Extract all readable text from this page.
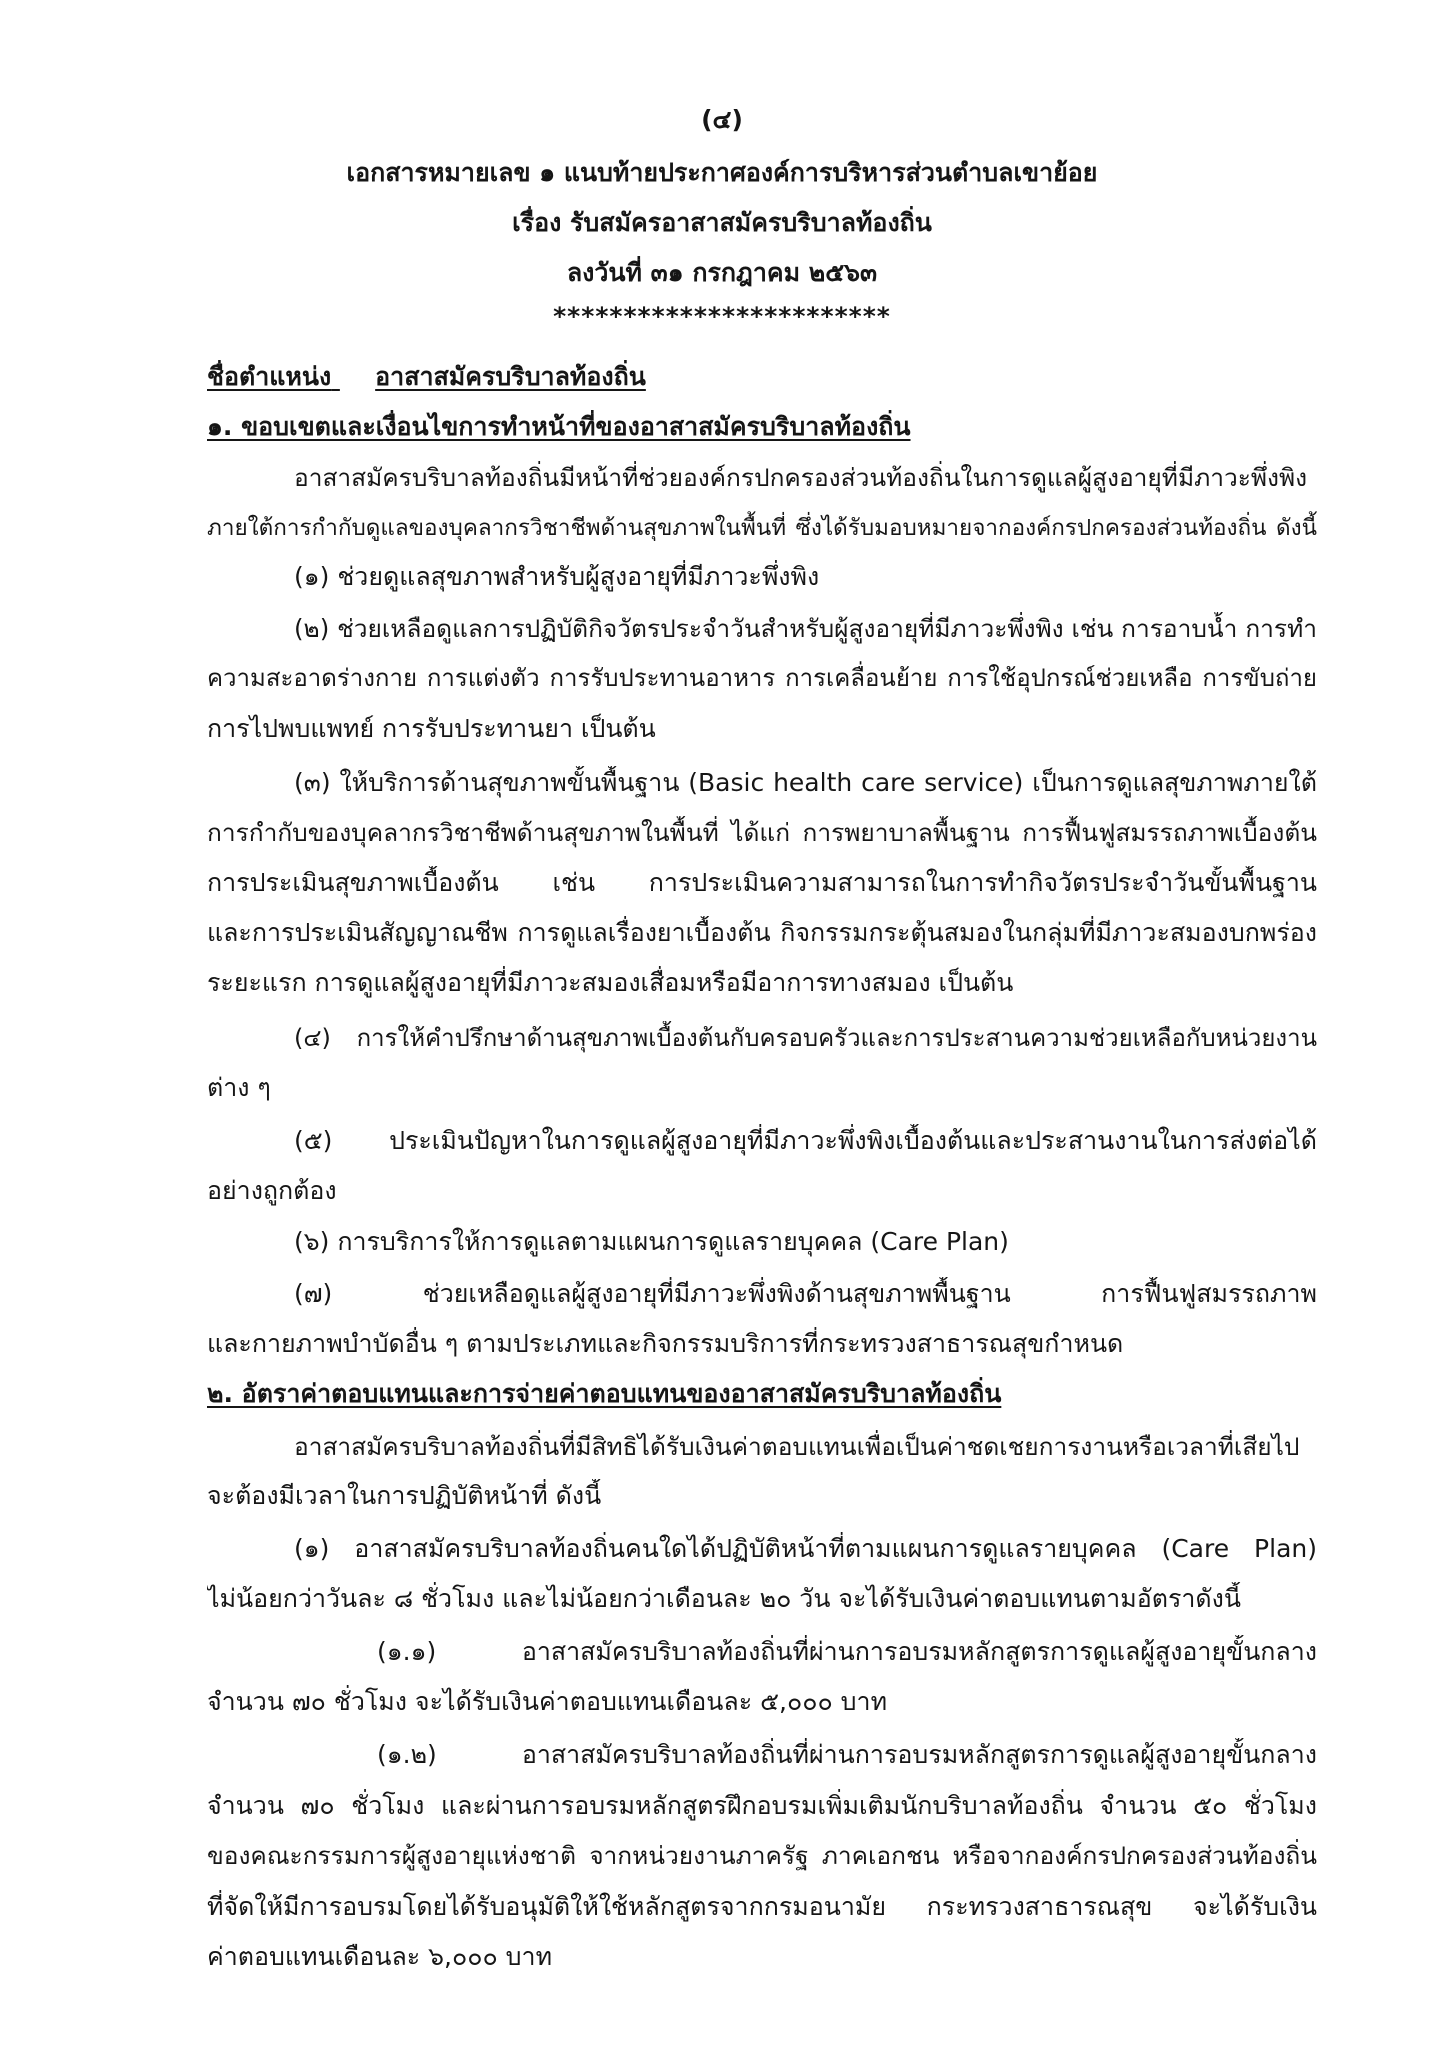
(๔)
เอกสารหมายเลข ๑ แนบท้ายประกาศองค์การบริหารส่วนตำบลเขาย้อย
เรื่อง รับสมัครอาสาสมัครบริบาลท้องถิ่น
ลงวันที่ ๓๑ กรกฎาคม ๒๕๖๓
************************
ชื่อตำแหน่ง อาสาสมัครบริบาลท้องถิ่น
๑. ขอบเขตและเงื่อนไขการทำหน้าที่ของอาสาสมัครบริบาลท้องถิ่น
อาสาสมัครบริบาลท้องถิ่นมีหน้าที่ช่วยองค์กรปกครองส่วนท้องถิ่นในการดูแลผู้สูงอายุที่มีภาวะพึ่งพิง
ภายใต้การกำกับดูแลของบุคลากรวิชาชีพด้านสุขภาพในพื้นที่ ซึ่งได้รับมอบหมายจากองค์กรปกครองส่วนท้องถิ่น ดังนี้
(๑) ช่วยดูแลสุขภาพสำหรับผู้สูงอายุที่มีภาวะพึ่งพิง
(๒) ช่วยเหลือดูแลการปฏิบัติกิจวัตรประจำวันสำหรับผู้สูงอายุที่มีภาวะพึ่งพิง เช่น การอาบน้ำ การทำ
ความสะอาดร่างกาย การแต่งตัว การรับประทานอาหาร การเคลื่อนย้าย การใช้อุปกรณ์ช่วยเหลือ การขับถ่าย
การไปพบแพทย์ การรับประทานยา เป็นต้น
(๓) ให้บริการด้านสุขภาพขั้นพื้นฐาน (Basic health care service) เป็นการดูแลสุขภาพภายใต้
การกำกับของบุคลากรวิชาชีพด้านสุขภาพในพื้นที่ ได้แก่ การพยาบาลพื้นฐาน การฟื้นฟูสมรรถภาพเบื้องต้น
การประเมินสุขภาพเบื้องต้น เช่น การประเมินความสามารถในการทำกิจวัตรประจำวันขั้นพื้นฐาน
และการประเมินสัญญาณชีพ การดูแลเรื่องยาเบื้องต้น กิจกรรมกระตุ้นสมองในกลุ่มที่มีภาวะสมองบกพร่อง
ระยะแรก การดูแลผู้สูงอายุที่มีภาวะสมองเสื่อมหรือมีอาการทางสมอง เป็นต้น
(๔) การให้คำปรึกษาด้านสุขภาพเบื้องต้นกับครอบครัวและการประสานความช่วยเหลือกับหน่วยงาน
ต่าง ๆ
(๕) ประเมินปัญหาในการดูแลผู้สูงอายุที่มีภาวะพึ่งพิงเบื้องต้นและประสานงานในการส่งต่อได้
อย่างถูกต้อง
(๖) การบริการให้การดูแลตามแผนการดูแลรายบุคคล (Care Plan)
(๗) ช่วยเหลือดูแลผู้สูงอายุที่มีภาวะพึ่งพิงด้านสุขภาพพื้นฐาน การฟื้นฟูสมรรถภาพ
และกายภาพบำบัดอื่น ๆ ตามประเภทและกิจกรรมบริการที่กระทรวงสาธารณสุขกำหนด
๒. อัตราค่าตอบแทนและการจ่ายค่าตอบแทนของอาสาสมัครบริบาลท้องถิ่น
อาสาสมัครบริบาลท้องถิ่นที่มีสิทธิได้รับเงินค่าตอบแทนเพื่อเป็นค่าชดเชยการงานหรือเวลาที่เสียไป
จะต้องมีเวลาในการปฏิบัติหน้าที่ ดังนี้
(๑) อาสาสมัครบริบาลท้องถิ่นคนใดได้ปฏิบัติหน้าที่ตามแผนการดูแลรายบุคคล (Care Plan)
ไม่น้อยกว่าวันละ ๘ ชั่วโมง และไม่น้อยกว่าเดือนละ ๒๐ วัน จะได้รับเงินค่าตอบแทนตามอัตราดังนี้
(๑.๑) อาสาสมัครบริบาลท้องถิ่นที่ผ่านการอบรมหลักสูตรการดูแลผู้สูงอายุขั้นกลาง
จำนวน ๗๐ ชั่วโมง จะได้รับเงินค่าตอบแทนเดือนละ ๕,๐๐๐ บาท
(๑.๒) อาสาสมัครบริบาลท้องถิ่นที่ผ่านการอบรมหลักสูตรการดูแลผู้สูงอายุขั้นกลาง
จำนวน ๗๐ ชั่วโมง และผ่านการอบรมหลักสูตรฝึกอบรมเพิ่มเติมนักบริบาลท้องถิ่น จำนวน ๕๐ ชั่วโมง
ของคณะกรรมการผู้สูงอายุแห่งชาติ จากหน่วยงานภาครัฐ ภาคเอกชน หรือจากองค์กรปกครองส่วนท้องถิ่น
ที่จัดให้มีการอบรมโดยได้รับอนุมัติให้ใช้หลักสูตรจากกรมอนามัย กระทรวงสาธารณสุข จะได้รับเงิน
ค่าตอบแทนเดือนละ ๖,๐๐๐ บาท
